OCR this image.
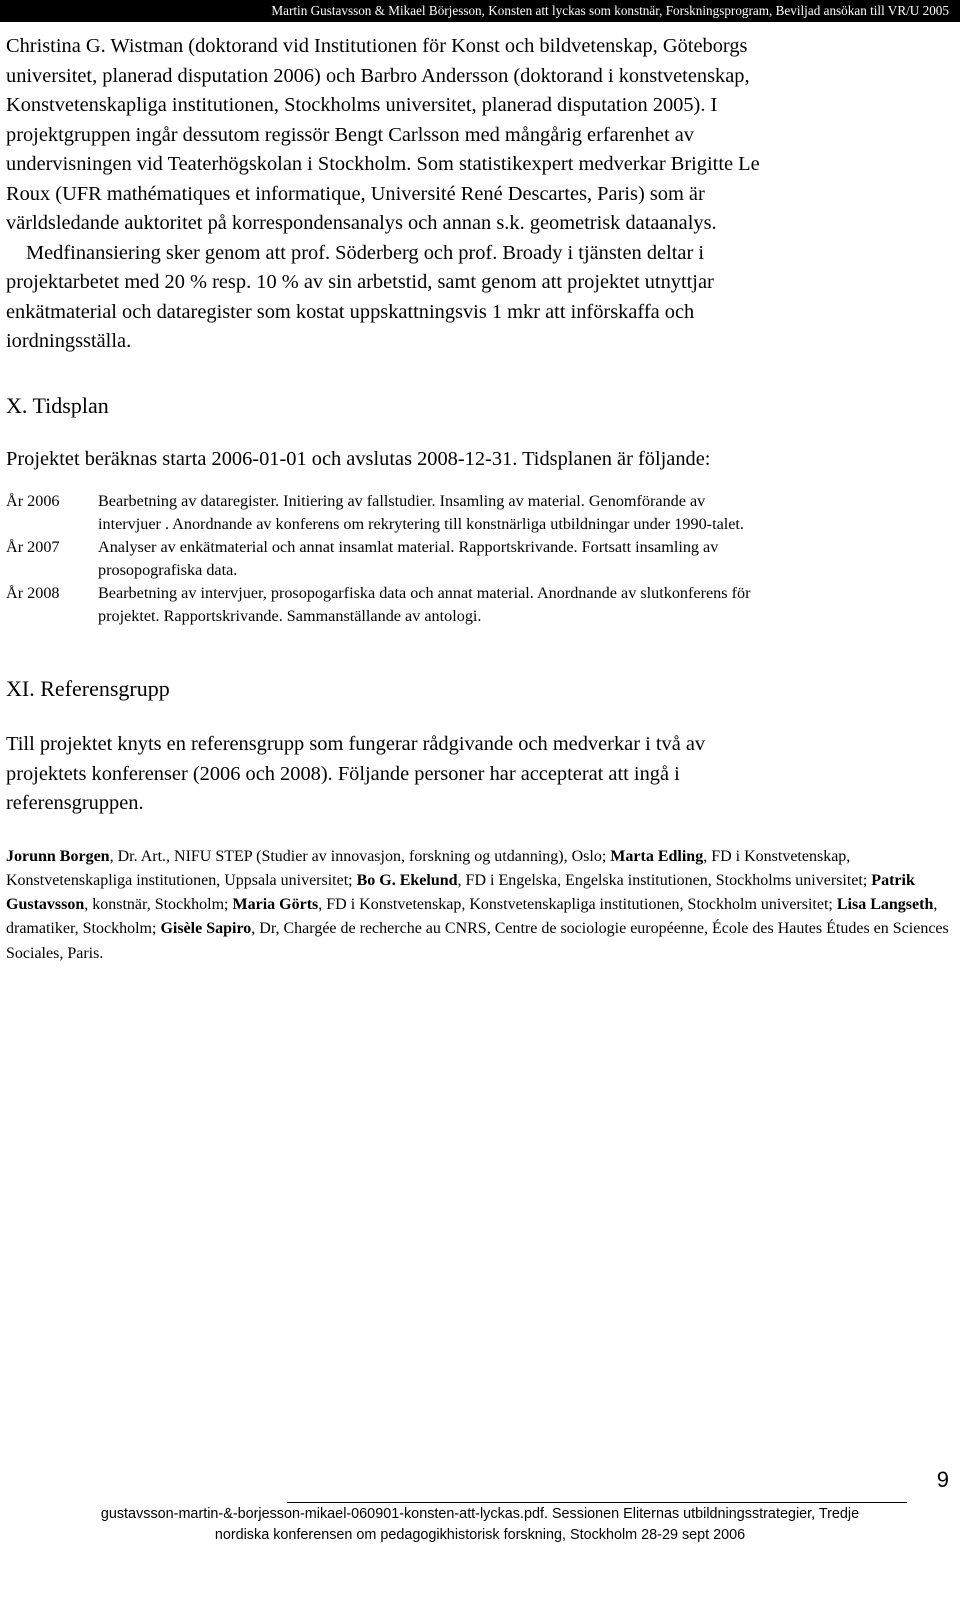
Martin Gustavsson & Mikael Börjesson, Konsten att lyckas som konstnär, Forskningsprogram, Beviljad ansökan till VR/U 2005
Christina G. Wistman (doktorand vid Institutionen för Konst och bildvetenskap, Göteborgs
universitet, planerad disputation 2006) och Barbro Andersson (doktorand i konstvetenskap,
Konstvetenskapliga institutionen, Stockholms universitet, planerad disputation 2005). I
projektgruppen ingår dessutom regissör Bengt Carlsson med mångårig erfarenhet av
undervisningen vid Teaterhögskolan i Stockholm. Som statistikexpert medverkar Brigitte Le
Roux (UFR mathématiques et informatique, Université René Descartes, Paris) som är
världsledande auktoritet på korrespondensanalys och annan s.k. geometrisk dataanalys.
Medfinansiering sker genom att prof. Söderberg och prof. Broady i tjänsten deltar i
projektarbetet med 20 % resp. 10 % av sin arbetstid, samt genom att projektet utnyttjar
enkätmaterial och dataregister som kostat uppskattningsvis 1 mkr att införskaffa och
iordningsställa.
X. Tidsplan
Projektet beräknas starta 2006-01-01 och avslutas 2008-12-31. Tidsplanen är följande:
År 2006
År 2007
År 2008
Bearbetning av dataregister. Initiering av fallstudier. Insamling av material. Genomförande av
intervjuer . Anordnande av konferens om rekrytering till konstnärliga utbildningar under 1990-talet.
Analyser av enkätmaterial och annat insamlat material. Rapportskrivande. Fortsatt insamling av
prosopografiska data.
Bearbetning av intervjuer, prosopogarfiska data och annat material. Anordnande av slutkonferens för
projektet. Rapportskrivande. Sammanställande av antologi.
XI. Referensgrupp
Till projektet knyts en referensgrupp som fungerar rådgivande och medverkar i två av
projektets konferenser (2006 och 2008). Följande personer har accepterat att ingå i
referensgruppen.
Jorunn Borgen, Dr. Art., NIFU STEP (Studier av innovasjon, forskning og utdanning), Oslo; Marta Edling, FD i Konstvetenskap, Konstvetenskapliga institutionen, Uppsala universitet; Bo G. Ekelund, FD i Engelska, Engelska institutionen, Stockholms universitet; Patrik Gustavsson, konstnär, Stockholm; Maria Görts, FD i Konstvetenskap, Konstvetenskapliga institutionen, Stockholm universitet; Lisa Langseth, dramatiker, Stockholm; Gisèle Sapiro, Dr, Chargée de recherche au CNRS, Centre de sociologie européenne, École des Hautes Études en Sciences Sociales, Paris.
9
gustavsson-martin-&-borjesson-mikael-060901-konsten-att-lyckas.pdf. Sessionen Eliternas utbildningsstrategier, Tredje
nordiska konferensen om pedagogikhistorisk forskning, Stockholm 28-29 sept 2006
